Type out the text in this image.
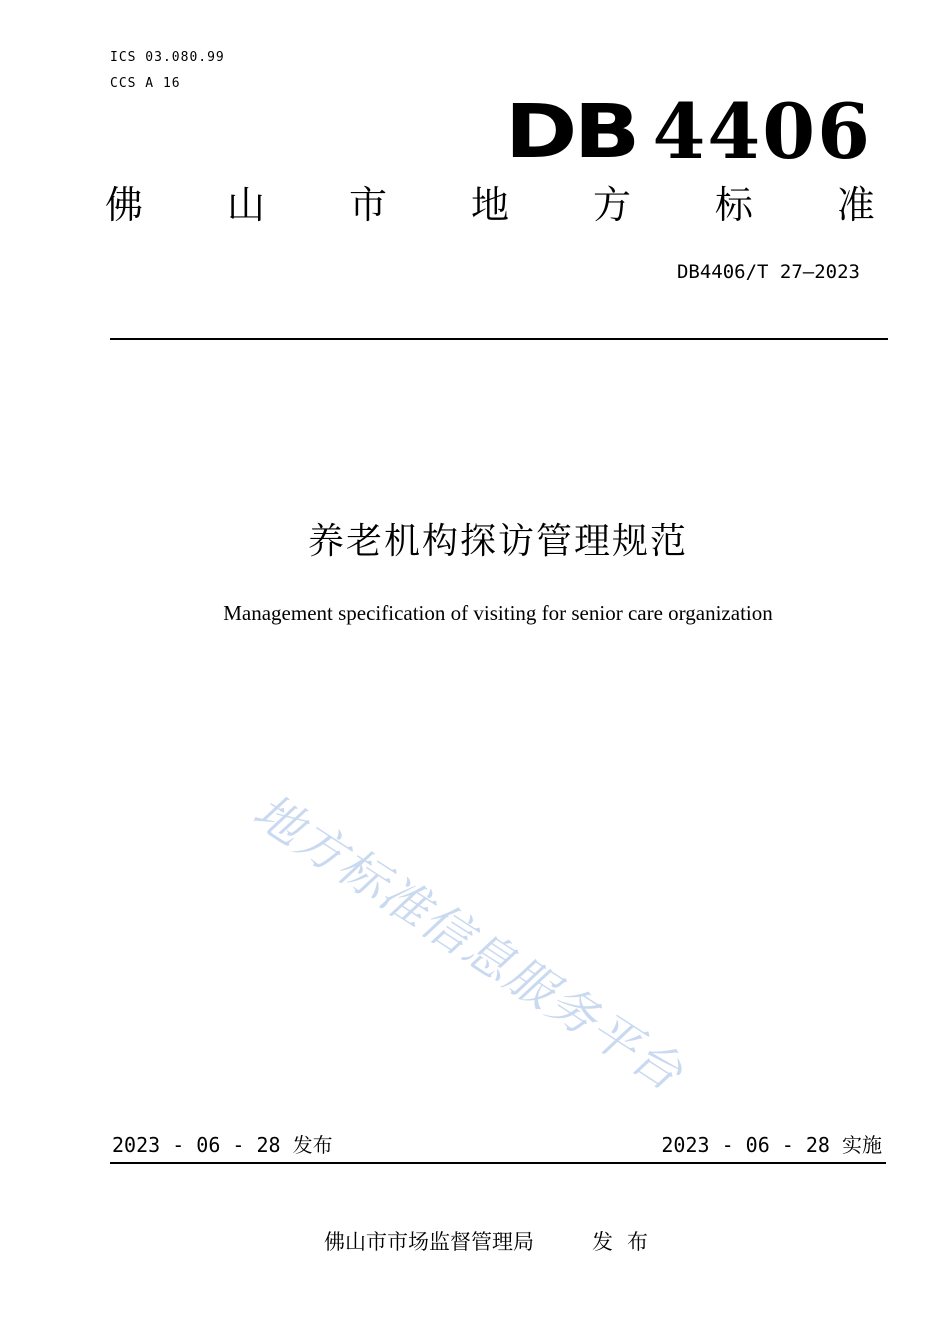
ICS 03.080.99
CCS A 16
DB 4406
佛 山 市 地 方 标 准
DB4406/T 27—2023
养老机构探访管理规范
Management specification of visiting for senior care organization
地方标准信息服务平台
2023 - 06 - 28 发布	2023 - 06 - 28 实施
佛山市市场监督管理局	发布
